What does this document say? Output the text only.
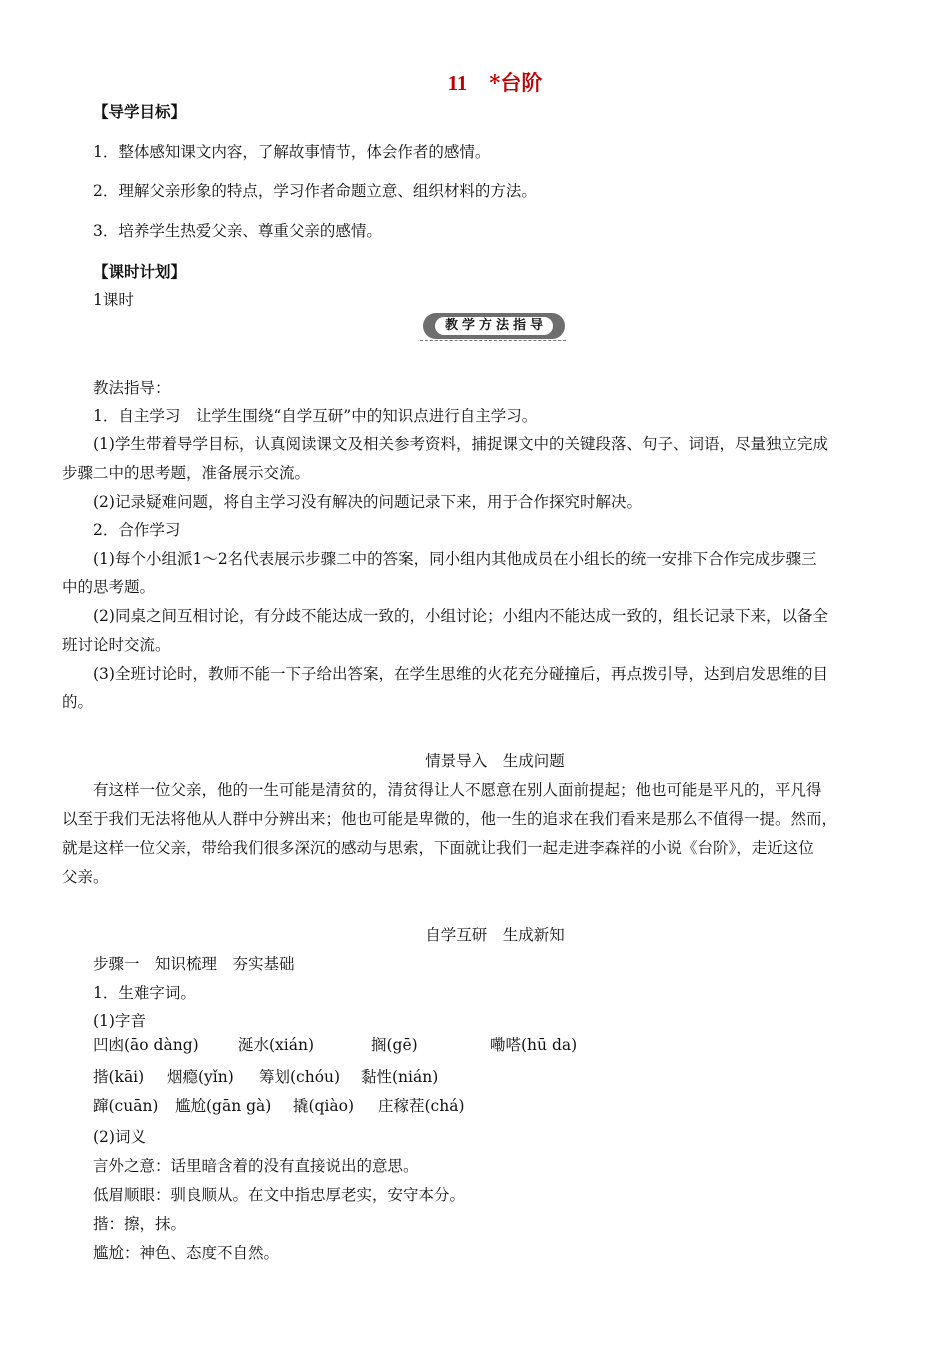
11 *台阶
【导学目标】
1．整体感知课文内容，了解故事情节，体会作者的感情。
2．理解父亲形象的特点，学习作者命题立意、组织材料的方法。
3．培养学生热爱父亲、尊重父亲的感情。
【课时计划】
1课时
教学方法指导
教法指导：
1．自主学习　让学生围绕“自学互研”中的知识点进行自主学习。
(1)学生带着导学目标，认真阅读课文及相关参考资料，捕捉课文中的关键段落、句子、词语，尽量独立完成
步骤二中的思考题，准备展示交流。
(2)记录疑难问题，将自主学习没有解决的问题记录下来，用于合作探究时解决。
2．合作学习
(1)每个小组派1～2名代表展示步骤二中的答案，同小组内其他成员在小组长的统一安排下合作完成步骤三
中的思考题。
(2)同桌之间互相讨论，有分歧不能达成一致的，小组讨论；小组内不能达成一致的，组长记录下来，以备全
班讨论时交流。
(3)全班讨论时，教师不能一下子给出答案，在学生思维的火花充分碰撞后，再点拨引导，达到启发思维的目
的。
情景导入　生成问题
有这样一位父亲，他的一生可能是清贫的，清贫得让人不愿意在别人面前提起；他也可能是平凡的，平凡得
以至于我们无法将他从人群中分辨出来；他也可能是卑微的，他一生的追求在我们看来是那么不值得一提。然而，
就是这样一位父亲，带给我们很多深沉的感动与思索，下面就让我们一起走进李森祥的小说《台阶》，走近这位
父亲。
自学互研　生成新知
步骤一　知识梳理　夯实基础
1．生难字词。
(1)字音
凹凼(āo dàng)	涎水(xián)	搁(gē)	嘞嗒(hū da)
揩(kāi) 烟瘾(yǐn) 筹划(chóu) 黏性(nián)
蹿(cuān) 尴尬(gān gà) 撬(qiào) 庄稼茬(chá)
(2)词义
言外之意：话里暗含着的没有直接说出的意思。
低眉顺眼：驯良顺从。在文中指忠厚老实，安守本分。
揩：擦，抹。
尴尬：神色、态度不自然。
